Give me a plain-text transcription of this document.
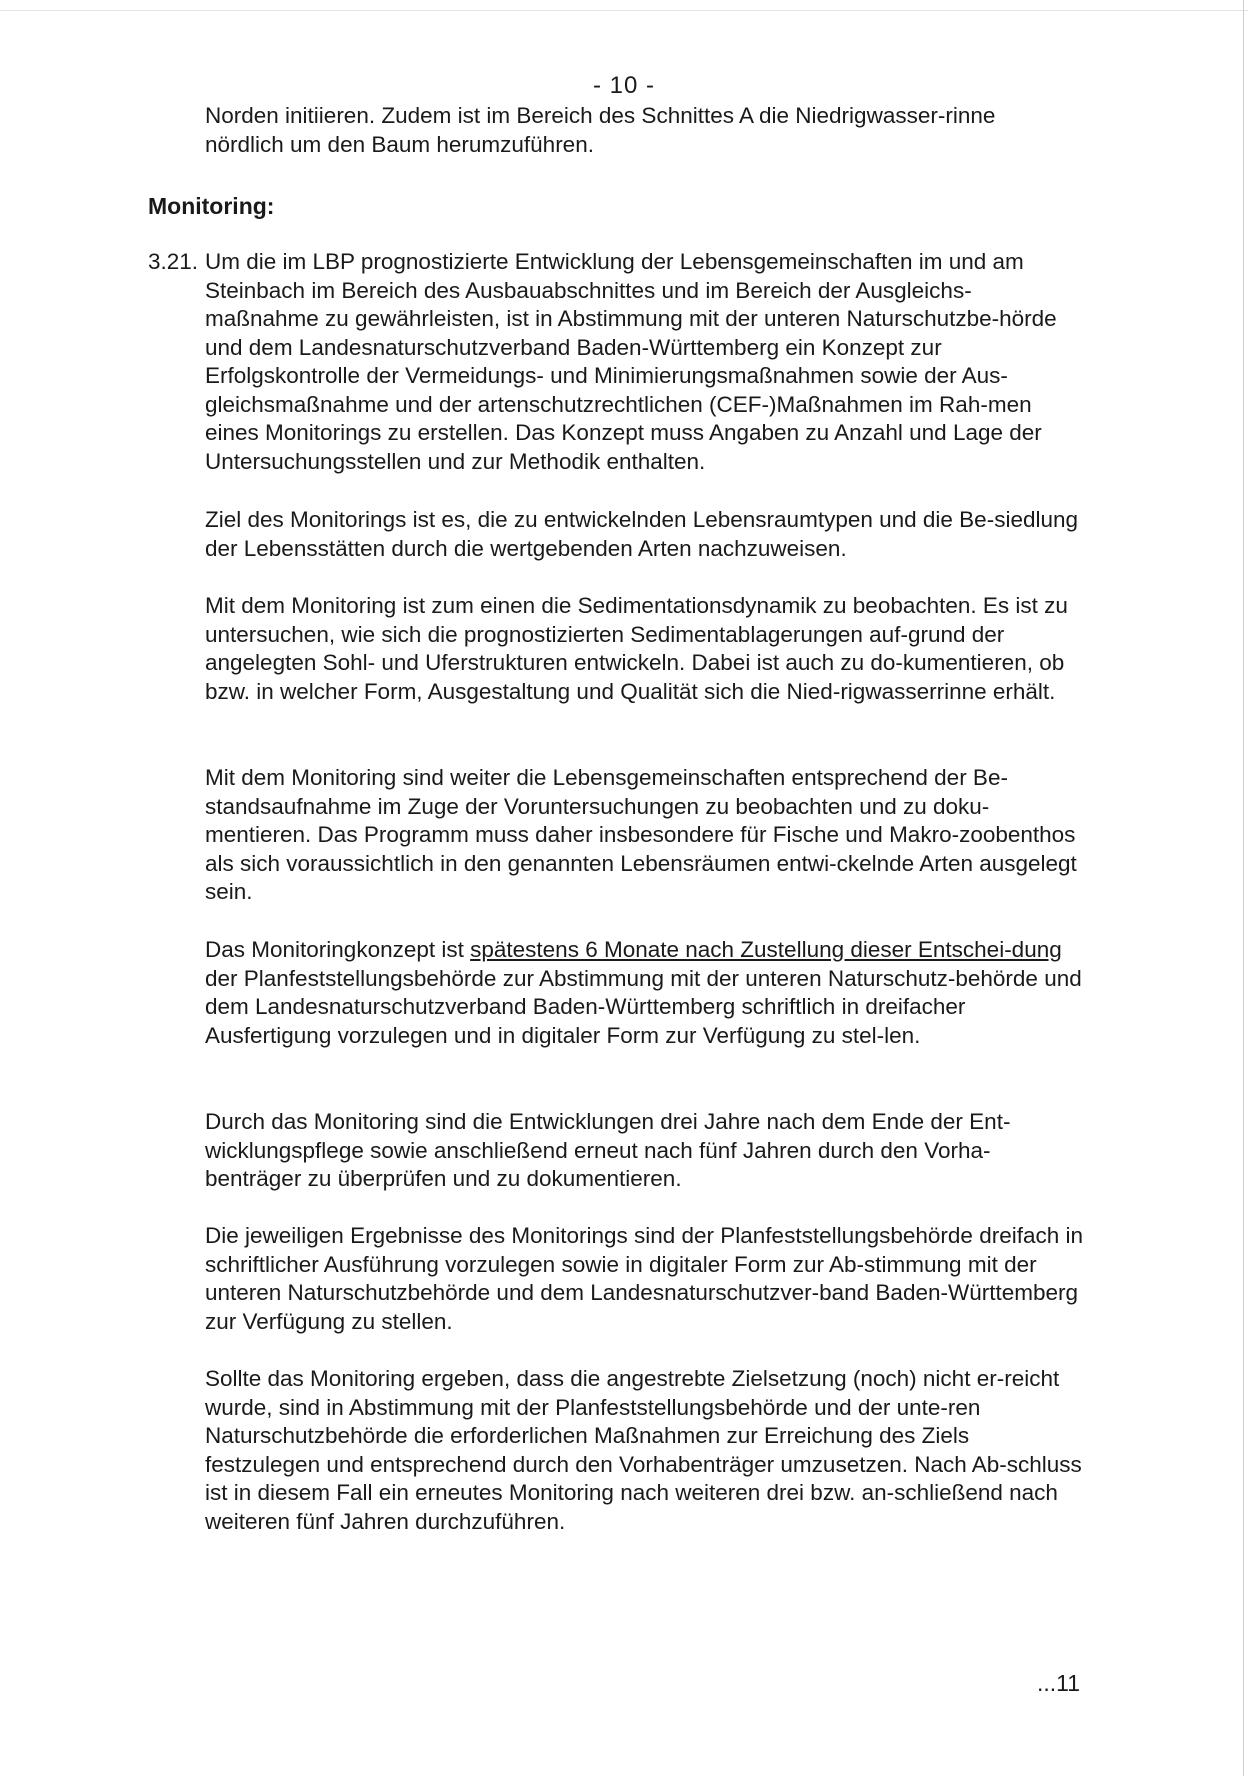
- 10 -

Norden initiieren. Zudem ist im Bereich des Schnittes A die Niedrigwasser-rinne nördlich um den Baum herumzuführen.

Monitoring:

3.21. Um die im LBP prognostizierte Entwicklung der Lebensgemeinschaften im und am Steinbach im Bereich des Ausbauabschnittes und im Bereich der Ausgleichs-maßnahme zu gewährleisten, ist in Abstimmung mit der unteren Naturschutzbe-hörde und dem Landesnaturschutzverband Baden-Württemberg ein Konzept zur Erfolgskontrolle der Vermeidungs- und Minimierungsmaßnahmen sowie der Aus-gleichsmaßnahme und der artenschutzrechtlichen (CEF-)Maßnahmen im Rah-men eines Monitorings zu erstellen. Das Konzept muss Angaben zu Anzahl und Lage der Untersuchungsstellen und zur Methodik enthalten.

Ziel des Monitorings ist es, die zu entwickelnden Lebensraumtypen und die Be-siedlung der Lebensstätten durch die wertgebenden Arten nachzuweisen.

Mit dem Monitoring ist zum einen die Sedimentationsdynamik zu beobachten. Es ist zu untersuchen, wie sich die prognostizierten Sedimentablagerungen auf-grund der angelegten Sohl- und Uferstrukturen entwickeln. Dabei ist auch zu do-kumentieren, ob bzw. in welcher Form, Ausgestaltung und Qualität sich die Nied-rigwasserrinne erhält.

Mit dem Monitoring sind weiter die Lebensgemeinschaften entsprechend der Be-standsaufnahme im Zuge der Voruntersuchungen zu beobachten und zu doku-mentieren. Das Programm muss daher insbesondere für Fische und Makro-zoobenthos als sich voraussichtlich in den genannten Lebensräumen entwi-ckelnde Arten ausgelegt sein.

Das Monitoringkonzept ist spätestens 6 Monate nach Zustellung dieser Entschei-dung der Planfeststellungsbehörde zur Abstimmung mit der unteren Naturschutz-behörde und dem Landesnaturschutzverband Baden-Württemberg schriftlich in dreifacher Ausfertigung vorzulegen und in digitaler Form zur Verfügung zu stel-len.

Durch das Monitoring sind die Entwicklungen drei Jahre nach dem Ende der Ent-wicklungspflege sowie anschließend erneut nach fünf Jahren durch den Vorha-benträger zu überprüfen und zu dokumentieren.

Die jeweiligen Ergebnisse des Monitorings sind der Planfeststellungsbehörde dreifach in schriftlicher Ausführung vorzulegen sowie in digitaler Form zur Ab-stimmung mit der unteren Naturschutzbehörde und dem Landesnaturschutzver-band Baden-Württemberg zur Verfügung zu stellen.

Sollte das Monitoring ergeben, dass die angestrebte Zielsetzung (noch) nicht er-reicht wurde, sind in Abstimmung mit der Planfeststellungsbehörde und der unte-ren Naturschutzbehörde die erforderlichen Maßnahmen zur Erreichung des Ziels festzulegen und entsprechend durch den Vorhabenträger umzusetzen. Nach Ab-schluss ist in diesem Fall ein erneutes Monitoring nach weiteren drei bzw. an-schließend nach weiteren fünf Jahren durchzuführen.

...11
